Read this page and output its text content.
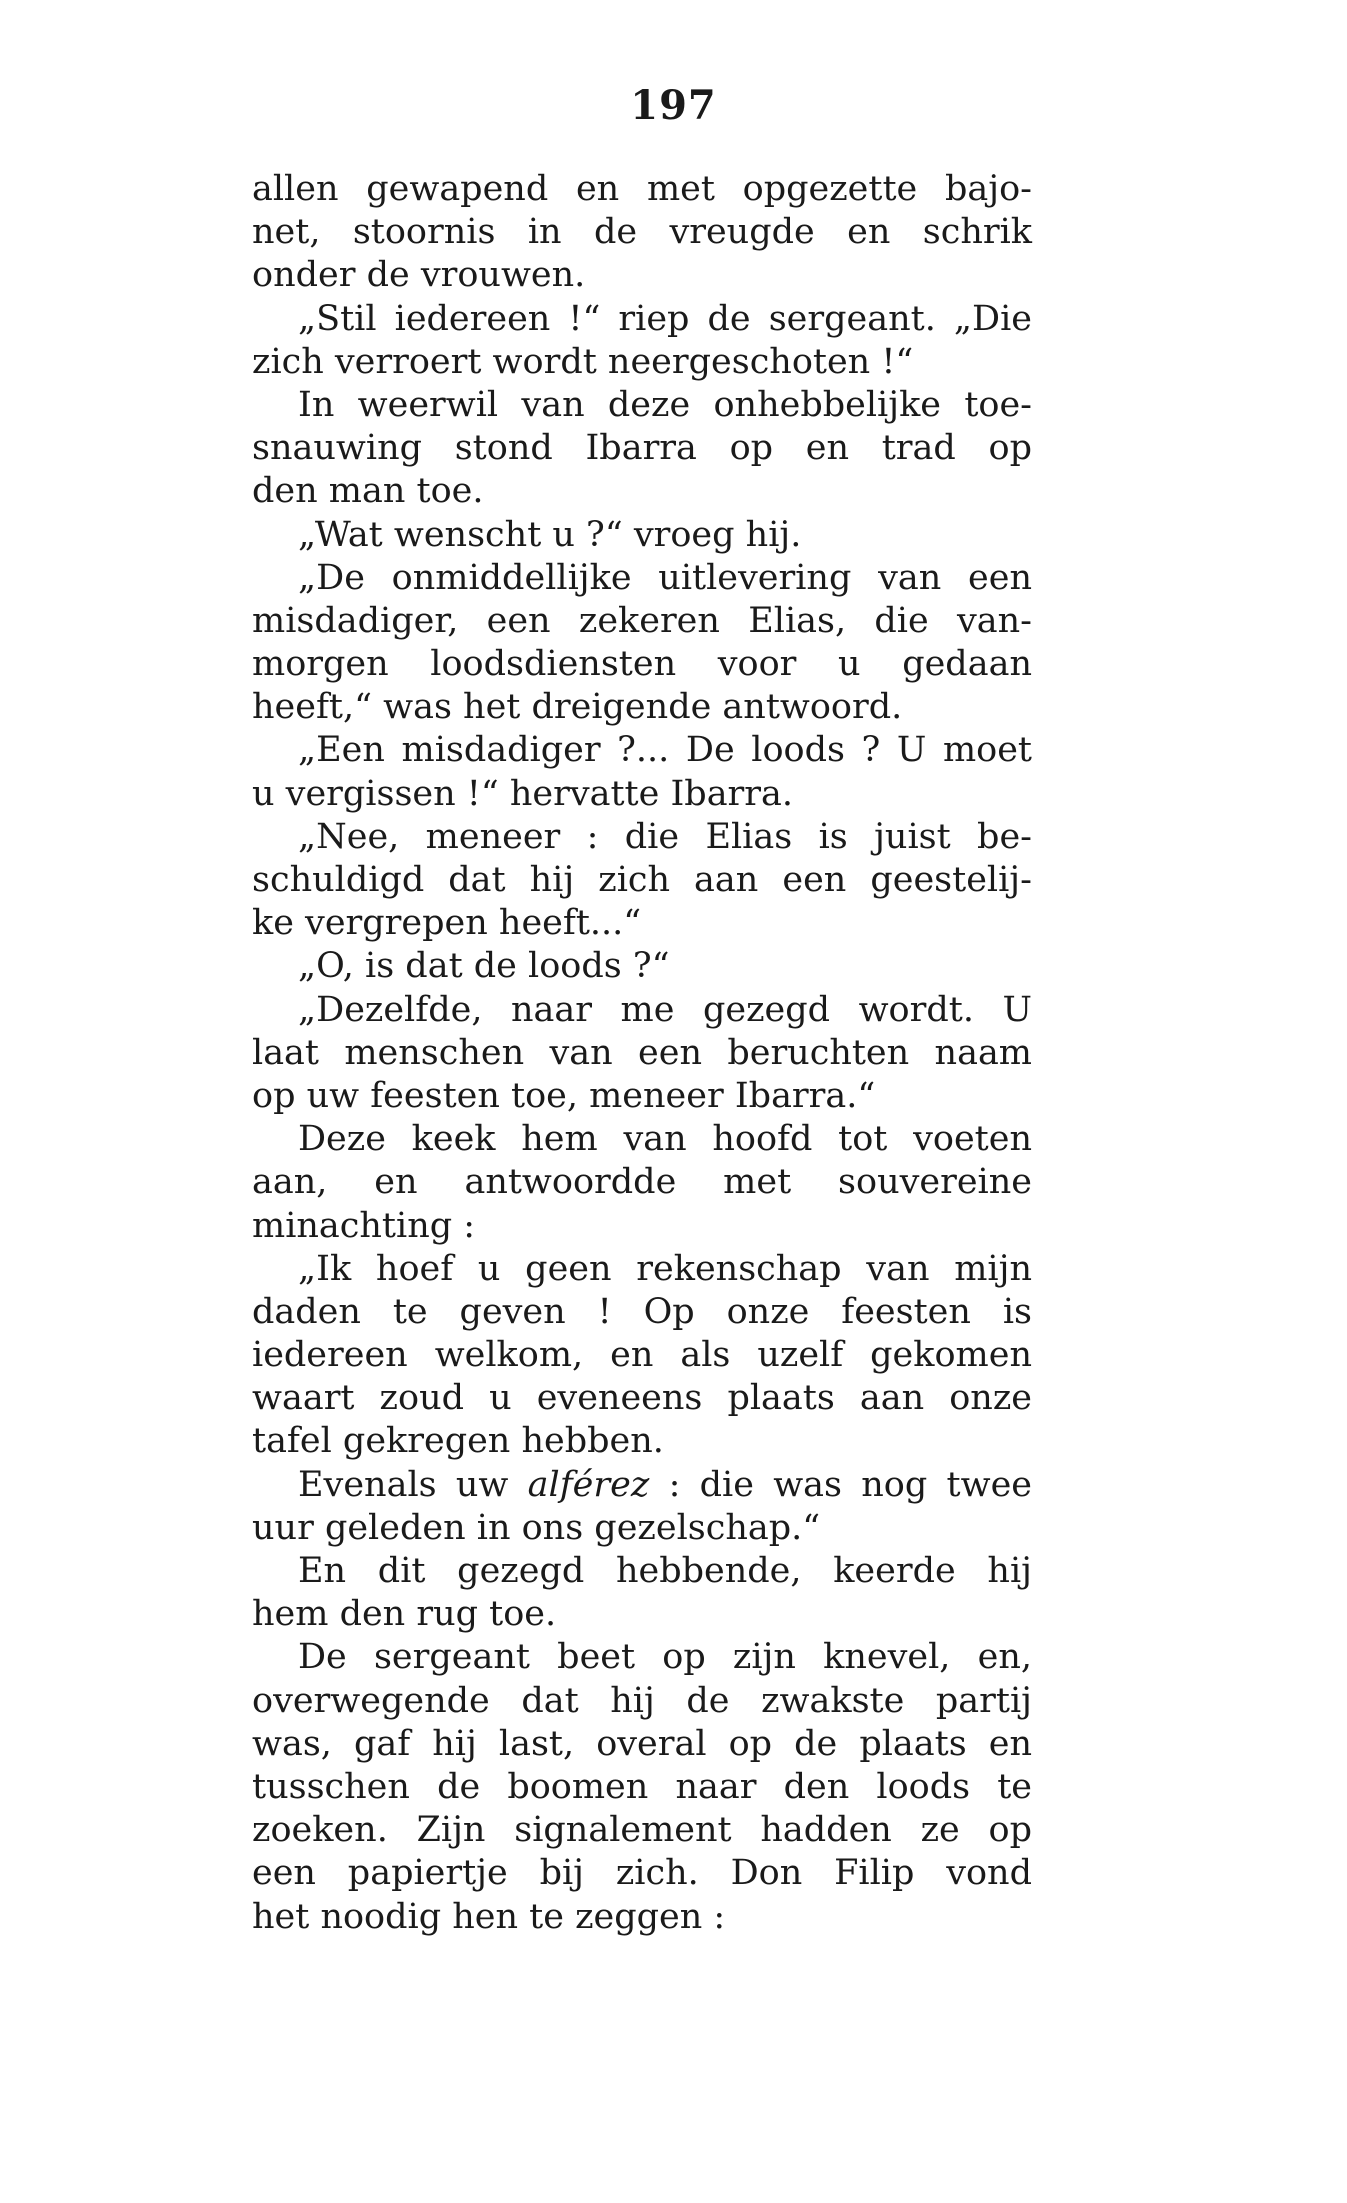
197
allen gewapend en met opgezette bajo-
net, stoornis in de vreugde en schrik
onder de vrouwen.
„Stil iedereen !“ riep de sergeant. „Die
zich verroert wordt neergeschoten !“
In weerwil van deze onhebbelijke toe-
snauwing stond Ibarra op en trad op
den man toe.
„Wat wenscht u ?“ vroeg hij.
„De onmiddellijke uitlevering van een
misdadiger, een zekeren Elias, die van-
morgen loodsdiensten voor u gedaan
heeft,“ was het dreigende antwoord.
„Een misdadiger ?... De loods ? U moet
u vergissen !“ hervatte Ibarra.
„Nee, meneer : die Elias is juist be-
schuldigd dat hij zich aan een geestelij-
ke vergrepen heeft...“
„O, is dat de loods ?“
„Dezelfde, naar me gezegd wordt. U
laat menschen van een beruchten naam
op uw feesten toe, meneer Ibarra.“
Deze keek hem van hoofd tot voeten
aan, en antwoordde met souvereine
minachting :
„Ik hoef u geen rekenschap van mijn
daden te geven ! Op onze feesten is
iedereen welkom, en als uzelf gekomen
waart zoud u eveneens plaats aan onze
tafel gekregen hebben.
Evenals uw alférez : die was nog twee
uur geleden in ons gezelschap.“
En dit gezegd hebbende, keerde hij
hem den rug toe.
De sergeant beet op zijn knevel, en,
overwegende dat hij de zwakste partij
was, gaf hij last, overal op de plaats en
tusschen de boomen naar den loods te
zoeken. Zijn signalement hadden ze op
een papiertje bij zich. Don Filip vond
het noodig hen te zeggen :
